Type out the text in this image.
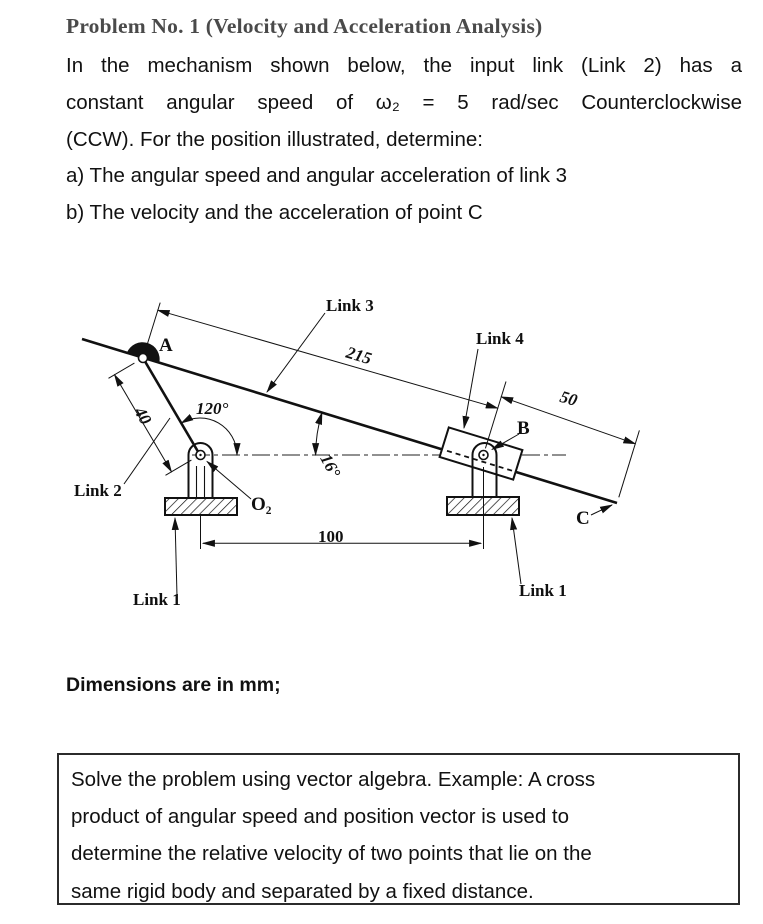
Problem No. 1 (Velocity and Acceleration Analysis)
In the mechanism shown below, the input link (Link 2) has a
constant angular speed of ω₂ = 5 rad/sec Counterclockwise
(CCW). For the position illustrated, determine:
a) The angular speed and angular acceleration of link 3
b) The velocity and the acceleration of point C
Link 3
Link 4
Link 2
Link 1	Link 1
A
B
C
O₂
215
50
40
100
120°
16°
Dimensions are in mm;
Solve the problem using vector algebra. Example: A cross
product of angular speed and position vector is used to
determine the relative velocity of two points that lie on the
same rigid body and separated by a fixed distance.
